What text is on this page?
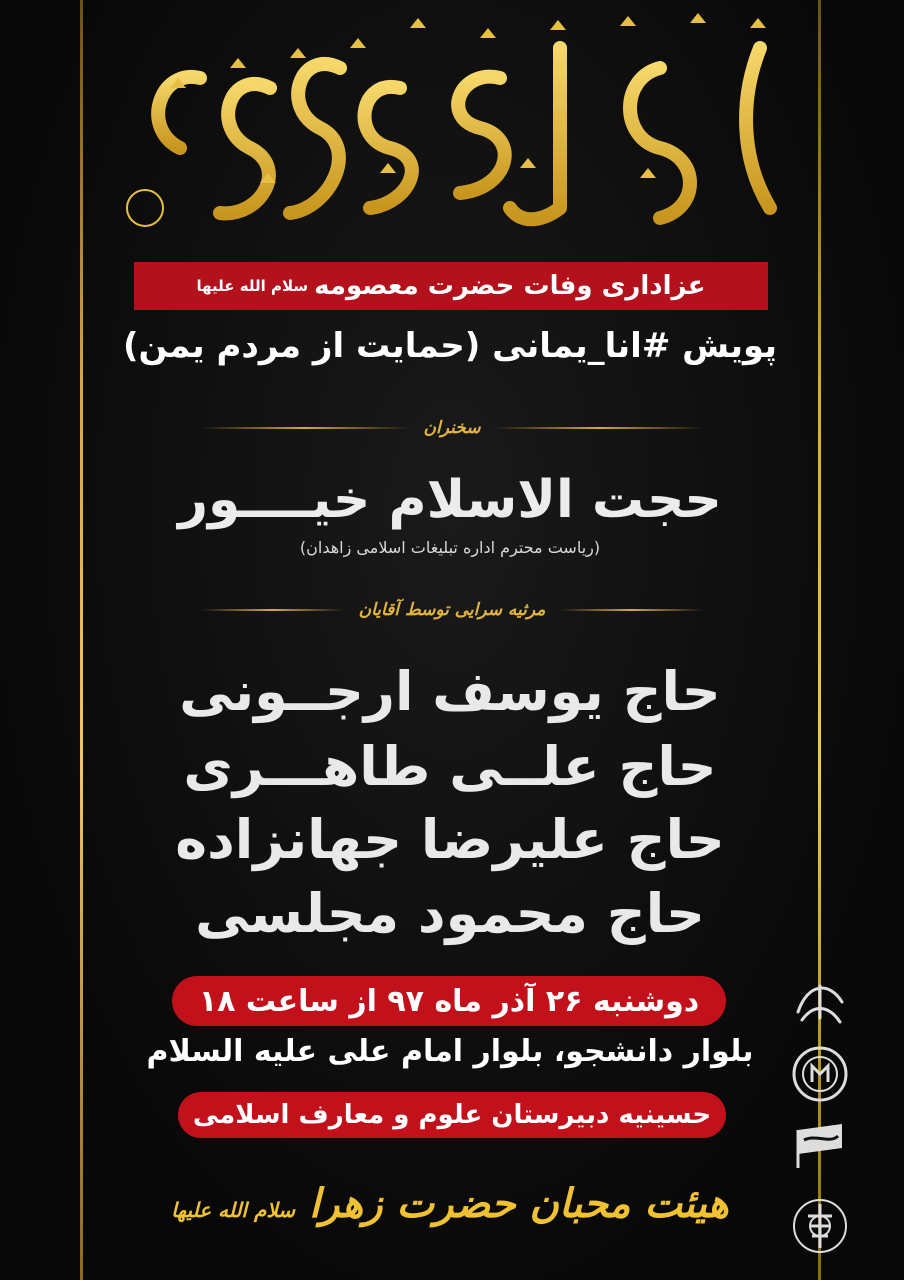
عزاداری وفات حضرت معصومه
سلام الله علیها
پویش #انا_یمانی (حمایت از مردم یمن)
سخنران
حجت الاسلام خیــــور
(ریاست محترم اداره تبلیغات اسلامی زاهدان)
مرثیه سرایی توسط آقایان
حاج یوسف ارجــونی
حاج علــی طاهـــری
حاج علیرضا جهانزاده
حاج محمود مجلسی
دوشنبه ۲۶ آذر ماه ۹۷ از ساعت ۱۸
بلوار دانشجو، بلوار امام علی علیه السلام
حسینیه دبیرستان علوم و معارف اسلامی
هیئت محبان حضرت زهرا سلام الله علیها
